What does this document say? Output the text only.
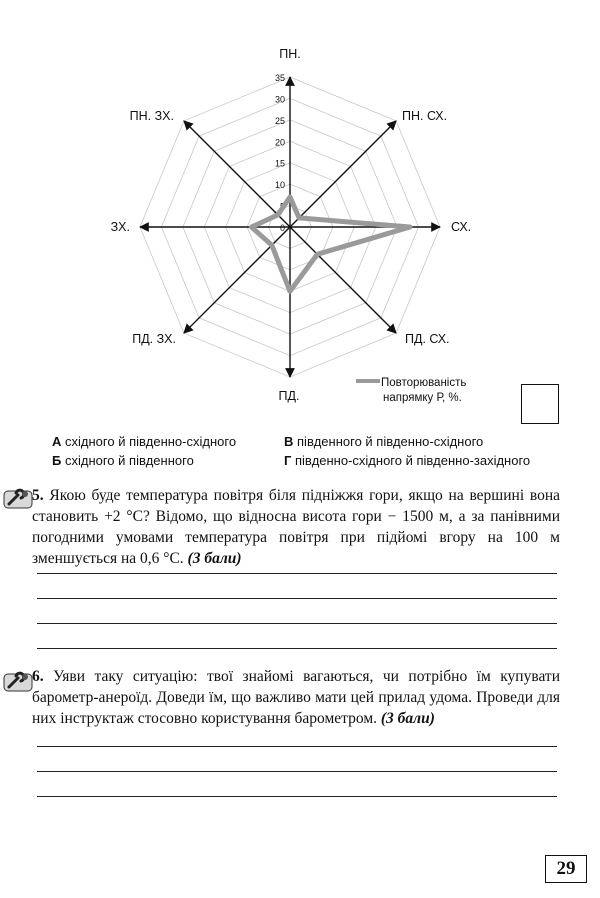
0
5
10
15
20
25
30
35
ПН.
ПН. СХ.
СХ.
ПД. СХ.
ПД.
ПД. ЗХ.
ЗХ.
ПН. ЗХ.
Повторюваність
напрямку Р, %.
А східного й південно-східного
Б східного й південного
В південного й південно-східного
Г південно-східного й південно-західного
5. Якою буде температура повітря біля підніжжя гори, якщо на вершині вона становить +2 °С? Відомо, що відносна висота гори − 1500 м, а за панівними погодними умовами температура повітря при підйомі вгору на 100 м зменшується на 0,6 °С. (3 бали)
6. Уяви таку ситуацію: твої знайомі вагаються, чи потрібно їм купувати барометр-анероїд. Доведи їм, що важливо мати цей прилад удома. Проведи для них інструктаж стосовно користування барометром. (3 бали)
29
